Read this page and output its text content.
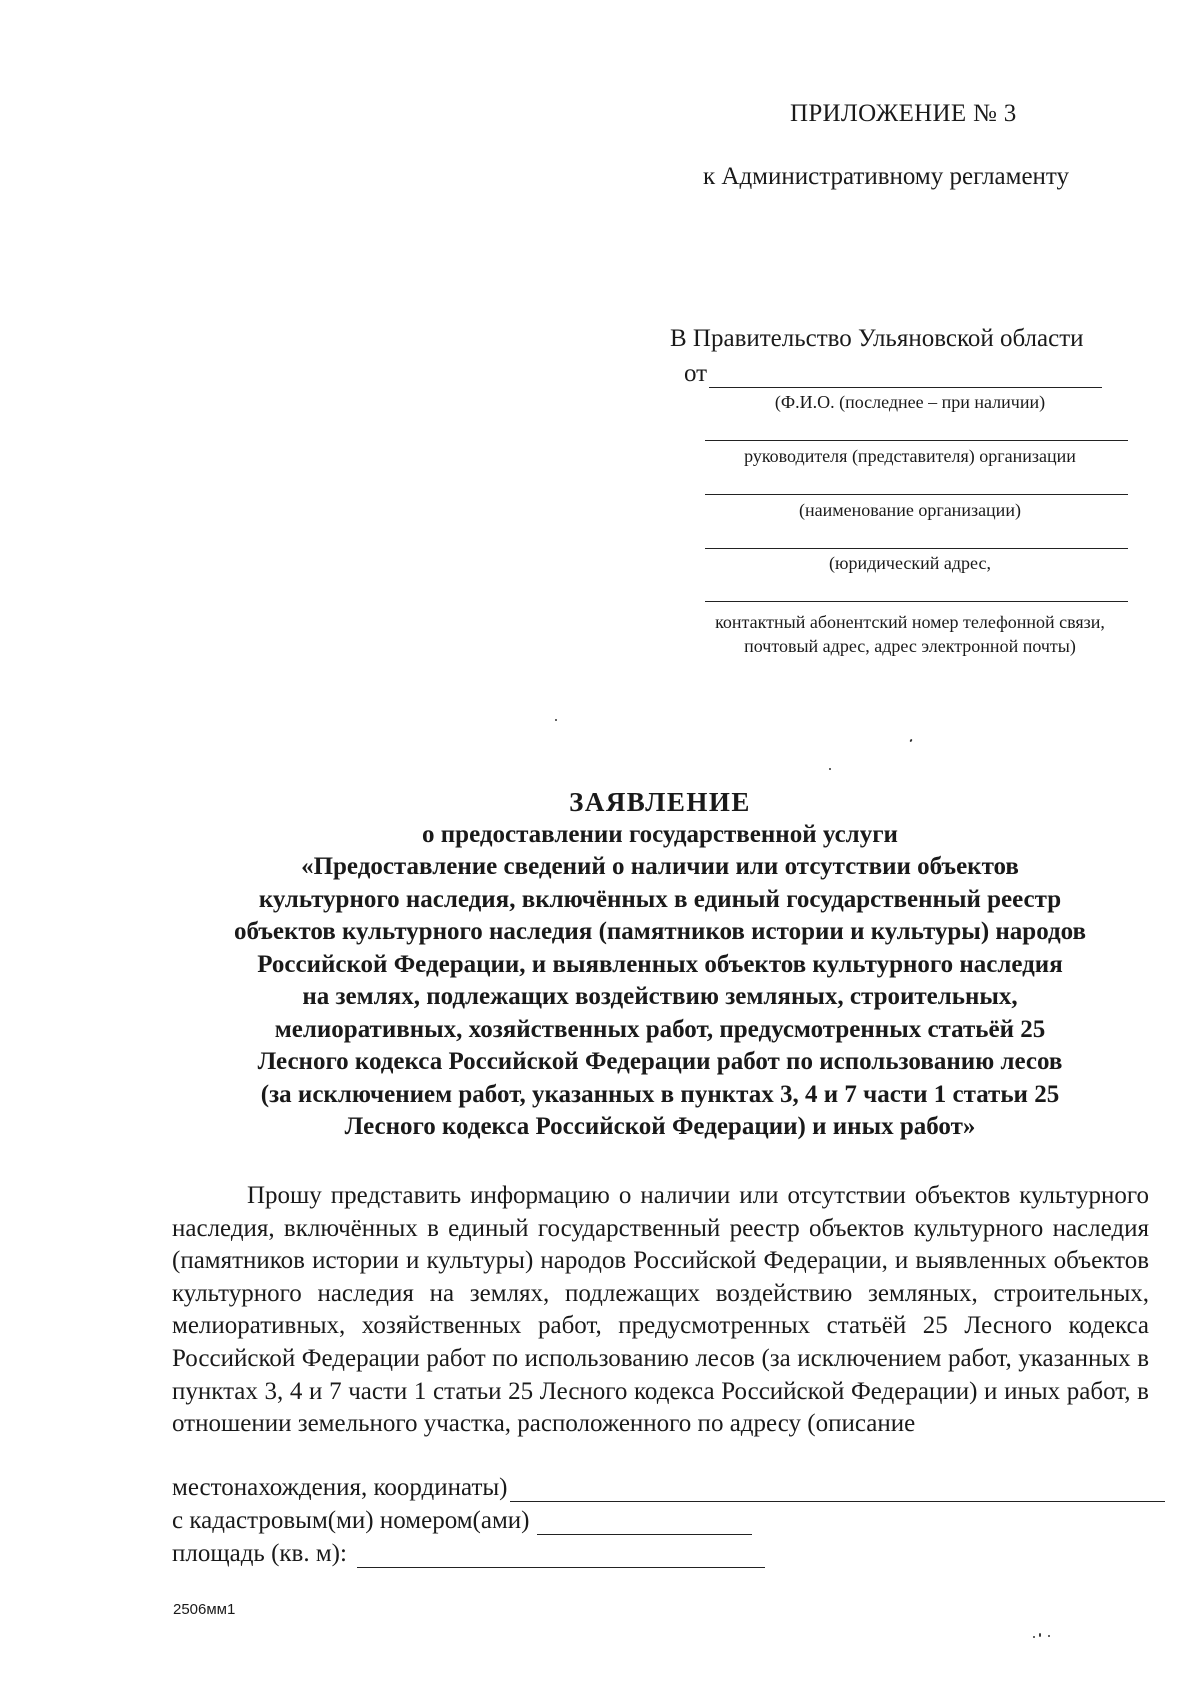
ПРИЛОЖЕНИЕ № 3
к Административному регламенту
В Правительство Ульяновской области
от
(Ф.И.О. (последнее – при наличии)
руководителя (представителя) организации
(наименование организации)
(юридический адрес,
контактный абонентский номер телефонной связи,
почтовый адрес, адрес электронной почты)
ЗАЯВЛЕНИЕ
о предоставлении государственной услуги
«Предоставление сведений о наличии или отсутствии объектов
культурного наследия, включённых в единый государственный реестр
объектов культурного наследия (памятников истории и культуры) народов
Российской Федерации, и выявленных объектов культурного наследия
на землях, подлежащих воздействию земляных, строительных,
мелиоративных, хозяйственных работ, предусмотренных статьёй 25
Лесного кодекса Российской Федерации работ по использованию лесов
(за исключением работ, указанных в пунктах 3, 4 и 7 части 1 статьи 25
Лесного кодекса Российской Федерации) и иных работ»
Прошу представить информацию о наличии или отсутствии объектов культурного наследия, включённых в единый государственный реестр объектов культурного наследия (памятников истории и культуры) народов Российской Федерации, и выявленных объектов культурного наследия на землях, подлежащих воздействию земляных, строительных, мелиоративных, хозяйственных работ, предусмотренных статьёй 25 Лесного кодекса Российской Федерации работ по использованию лесов (за исключением работ, указанных в пунктах 3, 4 и 7 части 1 статьи 25 Лесного кодекса Российской Федерации) и иных работ, в отношении земельного участка, расположенного по адресу (описание
местонахождения, координаты)
с кадастровым(ми) номером(ами)
площадь (кв. м):
2506мм1
